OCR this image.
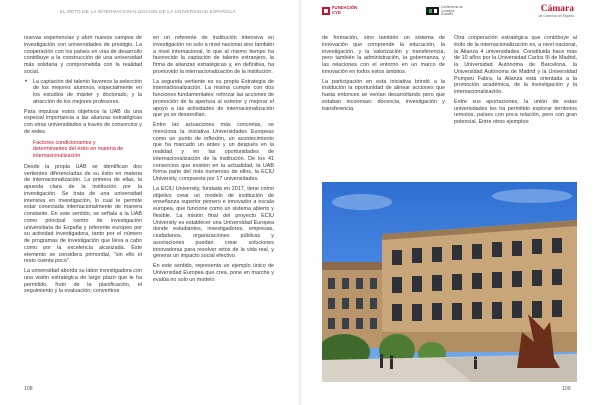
EL RETO DE LA INTERNACIONALIZACIÓN DE LA UNIVERSIDAD ESPAÑOLA
FUNDACIÓN
CYD
Conferencia de Consejos Sociales
Cámara
de Comercio de España

nuevas experiencias y abrir nuevos campos de investigación con universidades de prestigio. La cooperación con los países en vías de desarrollo contribuye a la construcción de una universidad más solidaria y comprometida con la realidad social.

• La captación del talento favorece la selección de los mejores alumnos, especialmente en los estudios de máster y doctorado, y la atracción de los mejores profesores.

Para impulsar estos objetivos la UAB da una especial importancia a las alianzas estratégicas con otras universidades a través de consorcios y de redes.

Factores condicionantes y determinantes del éxito en materia de internacionalización

Desde la propia UAB se identifican dos vertientes diferenciadas de su éxito en materia de internacionalización. La primera de ellas, la apuesta clara de la institución por la investigación. Se trata de una universidad intensiva en investigación, lo cual le permite estar conectada internacionalmente de manera constante. En este sentido, se señala a la UAB como principal centro de investigación universitaria de España y referente europeo por su actividad investigadora, tanto por el número de programas de investigación que lleva a cabo como por la excelencia alcanzada. Este elemento se considera primordial, "sin ello el resto cuenta poco".

La universidad aborda su labor investigadora con una visión estratégica de largo plazo que le ha permitido, fruto de la planificación, el seguimiento y la evaluación; convertirse

en un referente de institución intensiva en investigación no solo a nivel nacional sino también a nivel internacional, lo que al mismo tiempo ha favorecido la captación de talento extranjero, la firma de alianzas estratégicas y, en definitiva, ha promovido la internacionalización de la institución.

La segunda vertiente es su propia Estrategia de internacionalización. La misma cumple con dos funciones fundamentales: reforzar las acciones de promoción de la apertura al exterior y mejorar el apoyo a las actividades de internacionalización que ya se desarrollan.

Entre las actuaciones más concretas, se menciona la iniciativa Universidades Europeas como un punto de inflexión, un acontecimiento que ha marcado un antes y un después en la realidad y en las oportunidades de internacionalización de la institución. De los 41 consorcios que existen en la actualidad, la UAB forma parte del más numeroso de ellos, la ECIU University, compuesta por 17 universidades.

La ECIU University, fundada en 2017, tiene como objetivo crear un modelo de institución de enseñanza superior pionero e innovador a escala europea, que funcione como un sistema abierto y flexible. La misión final del proyecto ECIU University es establecer una Universidad Europea donde estudiantes, investigadores, empresas, ciudadanos, organizaciones públicas y asociaciones puedan crear soluciones innovadoras para resolver retos de la vida real, y generar un impacto social efectivo.

En este sentido, representa un ejemplo único de Universidad Europea que crea, pone en marcha y evalúa no solo un modelo

de formación, sino también un sistema de innovación que comprende la educación, la investigación, y la valorización y transferencia, pero también la administración, la gobernanza, y las relaciones con el entorno en un marco de innovación en todos estos ámbitos.

La participación en esta iniciativa brindó a la institución la oportunidad de alinear acciones que hasta entonces se venían desarrollando pero que estaban inconexas: docencia, investigación y transferencia.

Otra cooperación estratégica que contribuye al éxito de la internacionalización es, a nivel nacional, la Alianza 4 universidades. Constituida hace más de 10 años por la Universidad Carlos III de Madrid, la Universidad Autónoma de Barcelona, la Universidad Autónoma de Madrid y la Universidad Pompeu Fabra, la Alianza está orientada a la promoción académica, de la investigación y la internacionalización.

Entre sus aportaciones, la unión de estas universidades les ha permitido explorar territorios remotos, países con poca relación, pero con gran potencial. Entre otros ejemplos:

108	109
